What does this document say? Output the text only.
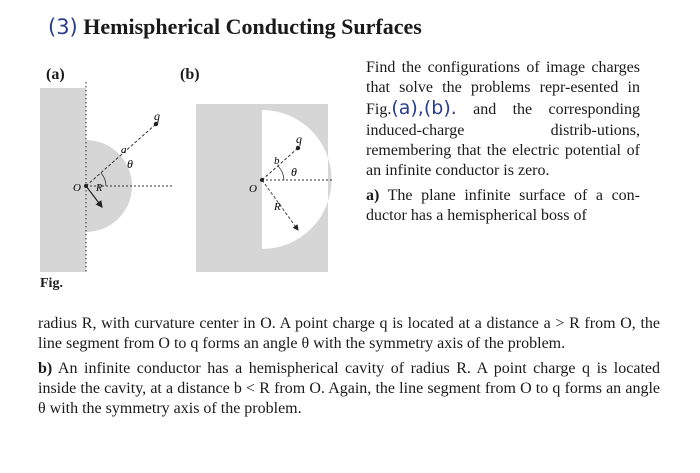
(3) Hemispherical Conducting Surfaces
(a)	(b)
O R
a
q
θ
O
R
b
q
θ

Find the configurations of image charges that solve the problems repr-esented in Fig.(a),(b). and the corresponding induced-charge distrib-utions, remembering that the electric potential of an infinite conductor is zero.

a) The plane infinite surface of a con-ductor has a hemispherical boss of

Fig.

radius R, with curvature center in O. A point charge q is located at a distance a > R from O, the line segment from O to q forms an angle θ with the symmetry axis of the problem.

b) An infinite conductor has a hemispherical cavity of radius R. A point charge q is located inside the cavity, at a distance b < R from O. Again, the line segment from O to q forms an angle θ with the symmetry axis of the problem.
